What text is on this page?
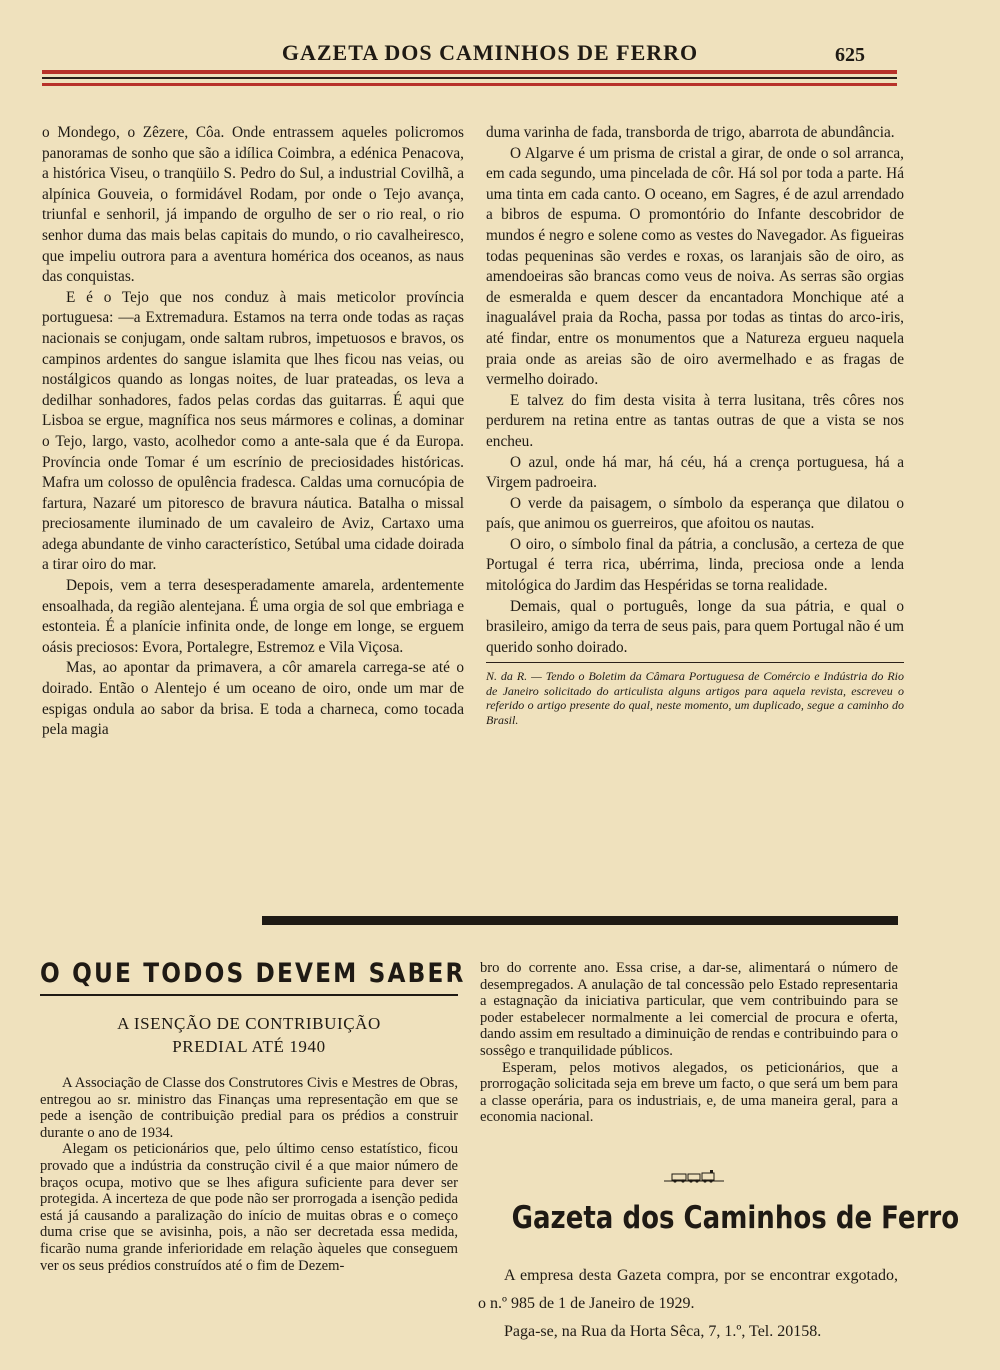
GAZETA DOS CAMINHOS DE FERRO	625

o Mondego, o Zêzere, Côa. Onde entrassem aqueles policromos panoramas de sonho que são a idílica Coimbra, a edénica Penacova, a histórica Viseu, o tranqüilo S. Pedro do Sul, a industrial Covilhã, a alpínica Gouveia, o formidável Rodam, por onde o Tejo avança, triunfal e senhoril, já impando de orgulho de ser o rio real, o rio senhor duma das mais belas capitais do mundo, o rio cavalheiresco, que impeliu outrora para a aventura homérica dos oceanos, as naus das conquistas.

E é o Tejo que nos conduz à mais meticolor província portuguesa: —a Extremadura. Estamos na terra onde todas as raças nacionais se conjugam, onde saltam rubros, impetuosos e bravos, os campinos ardentes do sangue islamita que lhes ficou nas veias, ou nostálgicos quando as longas noites, de luar prateadas, os leva a dedilhar sonhadores, fados pelas cordas das guitarras. É aqui que Lisboa se ergue, magnífica nos seus mármores e colinas, a dominar o Tejo, largo, vasto, acolhedor como a ante-sala que é da Europa. Província onde Tomar é um escrínio de preciosidades históricas. Mafra um colosso de opulência fradesca. Caldas uma cornucópia de fartura, Nazaré um pitoresco de bravura náutica. Batalha o missal preciosamente iluminado de um cavaleiro de Aviz, Cartaxo uma adega abundante de vinho característico, Setúbal uma cidade doirada a tirar oiro do mar.

Depois, vem a terra desesperadamente amarela, ardentemente ensoalhada, da região alentejana. É uma orgia de sol que embriaga e estonteia. É a planície infinita onde, de longe em longe, se erguem oásis preciosos: Evora, Portalegre, Estremoz e Vila Viçosa.

Mas, ao apontar da primavera, a côr amarela carrega-se até o doirado. Então o Alentejo é um oceano de oiro, onde um mar de espigas ondula ao sabor da brisa. E toda a charneca, como tocada pela magia

duma varinha de fada, transborda de trigo, abarrota de abundância.

O Algarve é um prisma de cristal a girar, de onde o sol arranca, em cada segundo, uma pincelada de côr. Há sol por toda a parte. Há uma tinta em cada canto. O oceano, em Sagres, é de azul arrendado a bibros de espuma. O promontório do Infante descobridor de mundos é negro e solene como as vestes do Navegador. As figueiras todas pequeninas são verdes e roxas, os laranjais são de oiro, as amendoeiras são brancas como veus de noiva. As serras são orgias de esmeralda e quem descer da encantadora Monchique até a inagualável praia da Rocha, passa por todas as tintas do arco-iris, até findar, entre os monumentos que a Natureza ergueu naquela praia onde as areias são de oiro avermelhado e as fragas de vermelho doirado.

E talvez do fim desta visita à terra lusitana, três côres nos perdurem na retina entre as tantas outras de que a vista se nos encheu.

O azul, onde há mar, há céu, há a crença portuguesa, há a Virgem padroeira.

O verde da paisagem, o símbolo da esperança que dilatou o país, que animou os guerreiros, que afoitou os nautas.

O oiro, o símbolo final da pátria, a conclusão, a certeza de que Portugal é terra rica, ubérrima, linda, preciosa onde a lenda mitológica do Jardim das Hespéridas se torna realidade.

Demais, qual o português, longe da sua pátria, e qual o brasileiro, amigo da terra de seus pais, para quem Portugal não é um querido sonho doirado.

N. da R. — Tendo o Boletim da Câmara Portuguesa de Comércio e Indústria do Rio de Janeiro solicitado do articulista alguns artigos para aquela revista, escreveu o referido o artigo presente do qual, neste momento, um duplicado, segue a caminho do Brasil.
O QUE TODOS DEVEM SABER
A ISENÇÃO DE CONTRIBUIÇÃO
PREDIAL ATÉ 1940

A Associação de Classe dos Construtores Civis e Mestres de Obras, entregou ao sr. ministro das Finanças uma representação em que se pede a isenção de contribuição predial para os prédios a construir durante o ano de 1934.

Alegam os peticionários que, pelo último censo estatístico, ficou provado que a indústria da construção civil é a que maior número de braços ocupa, motivo que se lhes afigura suficiente para dever ser protegida. A incerteza de que pode não ser prorrogada a isenção pedida está já causando a paralização do início de muitas obras e o começo duma crise que se avisinha, pois, a não ser decretada essa medida, ficarão numa grande inferioridade em relação àqueles que conseguem ver os seus prédios construídos até o fim de Dezem-

bro do corrente ano. Essa crise, a dar-se, alimentará o número de desempregados. A anulação de tal concessão pelo Estado representaria a estagnação da iniciativa particular, que vem contribuindo para se poder estabelecer normalmente a lei comercial de procura e oferta, dando assim em resultado a diminuição de rendas e contribuindo para o sossêgo e tranquilidade públicos.

Esperam, pelos motivos alegados, os peticionários, que a prorrogação solicitada seja em breve um facto, o que será um bem para a classe operária, para os industriais, e, de uma maneira geral, para a economia nacional.

Gazeta dos Caminhos de Ferro

A empresa desta Gazeta compra, por se encontrar exgotado, o n.º 985 de 1 de Janeiro de 1929.

Paga-se, na Rua da Horta Sêca, 7, 1.º, Tel. 20158.
